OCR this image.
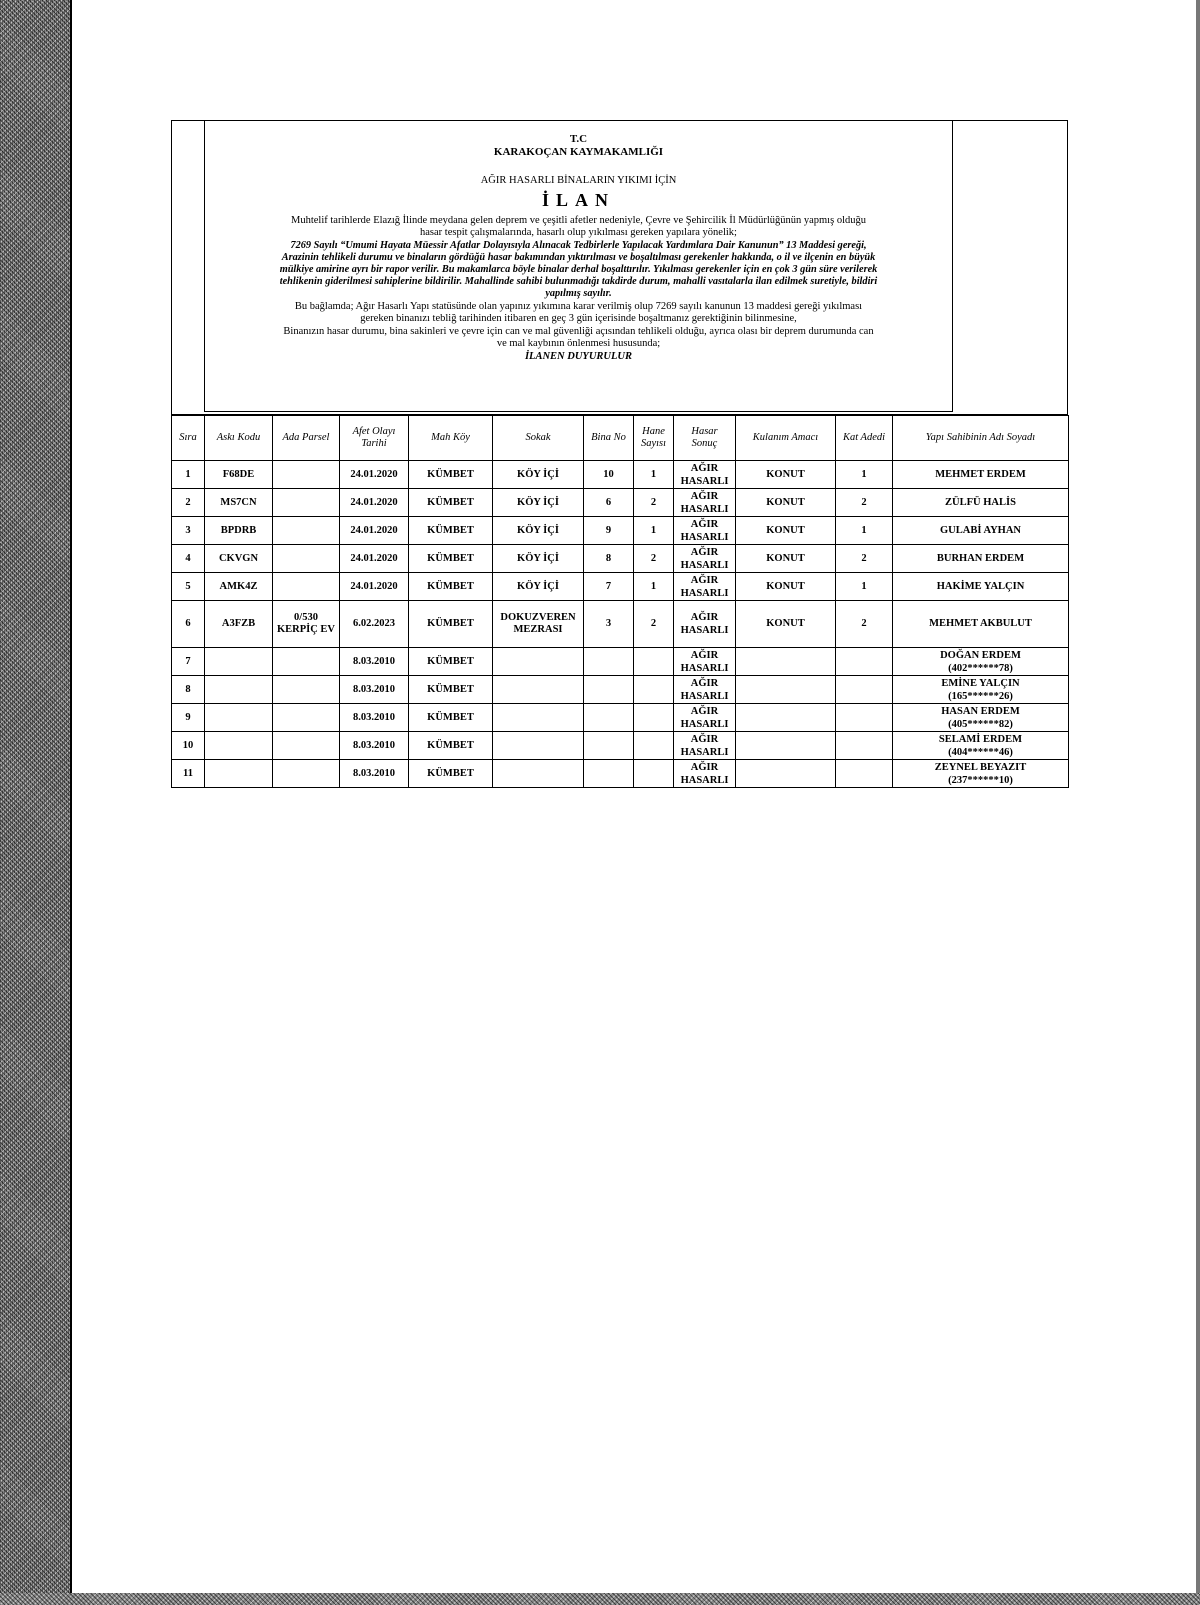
T.C
KARAKOÇAN KAYMAKAMLIĞI
AĞIR HASARLI BİNALARIN YIKIMI İÇİN
İLAN
Muhtelif tarihlerde Elazığ İlinde meydana gelen deprem ve çeşitli afetler nedeniyle, Çevre ve Şehircilik İl Müdürlüğünün yapmış olduğu
hasar tespit çalışmalarında, hasarlı olup yıkılması gereken yapılara yönelik;
7269 Sayılı “Umumi Hayata Müessir Afatlar Dolayısıyla Alınacak Tedbirlerle Yapılacak Yardımlara Dair Kanunun” 13 Maddesi gereği,
Arazinin tehlikeli durumu ve binaların gördüğü hasar bakımından yıktırılması ve boşaltılması gerekenler hakkında, o il ve ilçenin en büyük
mülkiye amirine ayrı bir rapor verilir. Bu makamlarca böyle binalar derhal boşalttırılır. Yıkılması gerekenler için en çok 3 gün süre verilerek
tehlikenin giderilmesi sahiplerine bildirilir. Mahallinde sahibi bulunmadığı takdirde durum, mahalli vasıtalarla ilan edilmek suretiyle, bildiri
yapılmış sayılır.
Bu bağlamda; Ağır Hasarlı Yapı statüsünde olan yapınız yıkımına karar verilmiş olup 7269 sayılı kanunun 13 maddesi gereği yıkılması
gereken binanızı tebliğ tarihinden itibaren en geç 3 gün içerisinde boşaltmanız gerektiğinin bilinmesine,
Binanızın hasar durumu, bina sakinleri ve çevre için can ve mal güvenliği açısından tehlikeli olduğu, ayrıca olası bir deprem durumunda can
ve mal kaybının önlenmesi hususunda;
İLANEN DUYURULUR
Sıra	Askı Kodu	Ada Parsel	Afet Olayı
Tarihi	Mah Köy	Sokak	Bina No	Hane
Sayısı	Hasar
Sonuç	Kulanım Amacı	Kat Adedi	Yapı Sahibinin Adı Soyadı
1	F68DE		24.01.2020	KÜMBET	KÖY İÇİ	10	1	AĞIR
HASARLI	KONUT	1	MEHMET ERDEM
2	MS7CN		24.01.2020	KÜMBET	KÖY İÇİ	6	2	AĞIR
HASARLI	KONUT	2	ZÜLFÜ HALİS
3	BPDRB		24.01.2020	KÜMBET	KÖY İÇİ	9	1	AĞIR
HASARLI	KONUT	1	GULABİ AYHAN
4	CKVGN		24.01.2020	KÜMBET	KÖY İÇİ	8	2	AĞIR
HASARLI	KONUT	2	BURHAN ERDEM
5	AMK4Z		24.01.2020	KÜMBET	KÖY İÇİ	7	1	AĞIR
HASARLI	KONUT	1	HAKİME YALÇIN
6	A3FZB	0/530 KERPİÇ EV	6.02.2023	KÜMBET	DOKUZVEREN MEZRASI	3	2	AĞIR
HASARLI	KONUT	2	MEHMET AKBULUT
7			8.03.2010	KÜMBET				AĞIR
HASARLI			DOĞAN ERDEM
(402******78)
8			8.03.2010	KÜMBET				AĞIR
HASARLI			EMİNE YALÇIN
(165******26)
9			8.03.2010	KÜMBET				AĞIR
HASARLI			HASAN ERDEM
(405******82)
10			8.03.2010	KÜMBET				AĞIR
HASARLI			SELAMİ ERDEM
(404******46)
11			8.03.2010	KÜMBET				AĞIR
HASARLI			ZEYNEL BEYAZIT
(237******10)
